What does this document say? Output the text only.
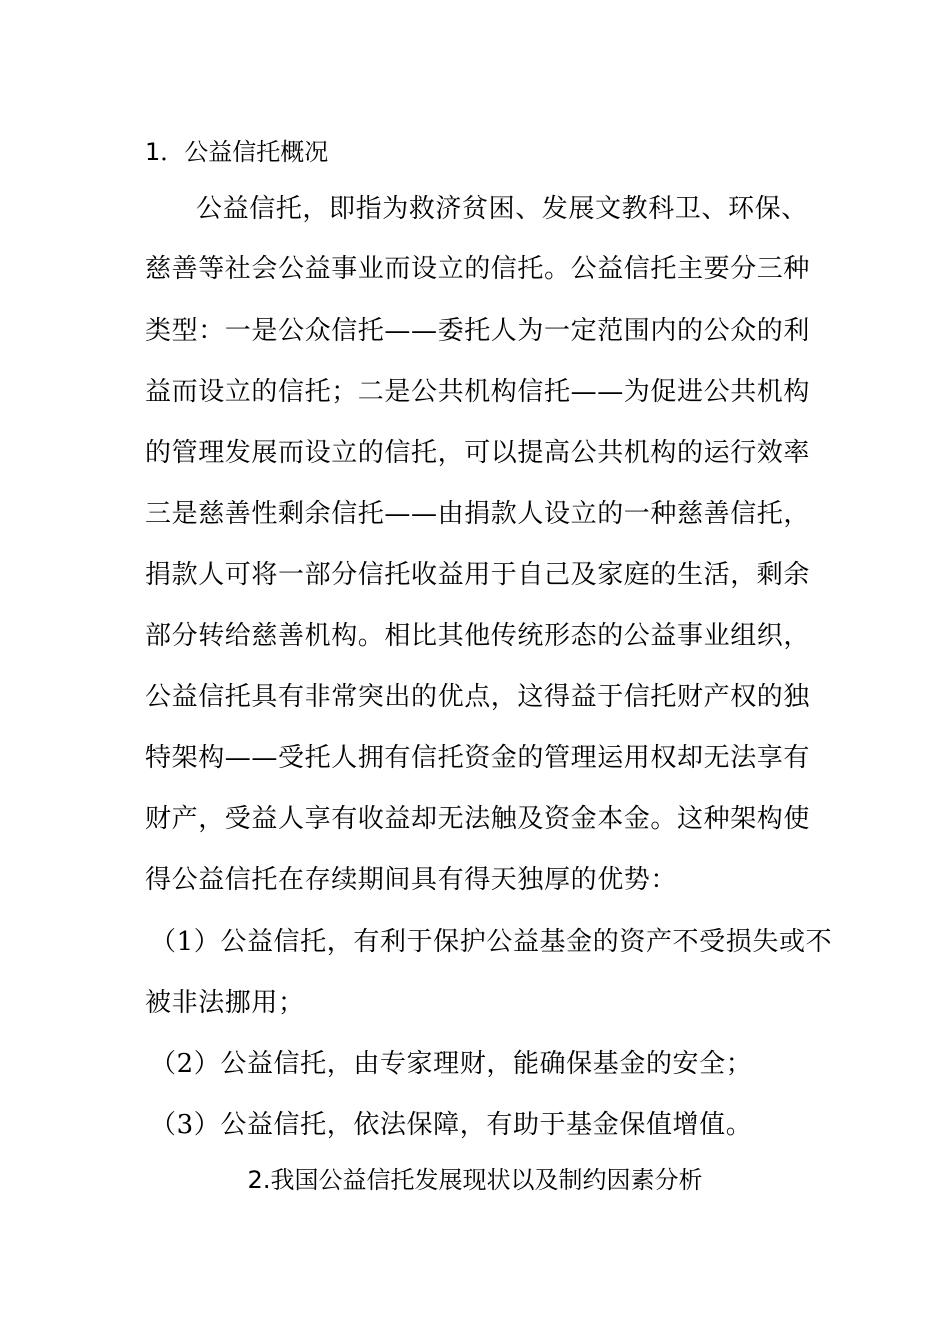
1．公益信托概况
公益信托，即指为救济贫困、发展文教科卫、环保、
慈善等社会公益事业而设立的信托。公益信托主要分三种
类型：一是公众信托——委托人为一定范围内的公众的利
益而设立的信托；二是公共机构信托——为促进公共机构
的管理发展而设立的信托，可以提高公共机构的运行效率
三是慈善性剩余信托——由捐款人设立的一种慈善信托，
捐款人可将一部分信托收益用于自己及家庭的生活，剩余
部分转给慈善机构。相比其他传统形态的公益事业组织，
公益信托具有非常突出的优点，这得益于信托财产权的独
特架构——受托人拥有信托资金的管理运用权却无法享有
财产，受益人享有收益却无法触及资金本金。这种架构使
得公益信托在存续期间具有得天独厚的优势：
（1）公益信托，有利于保护公益基金的资产不受损失或不
被非法挪用；
（2）公益信托，由专家理财，能确保基金的安全；
（3）公益信托，依法保障，有助于基金保值增值。
2.我国公益信托发展现状以及制约因素分析
